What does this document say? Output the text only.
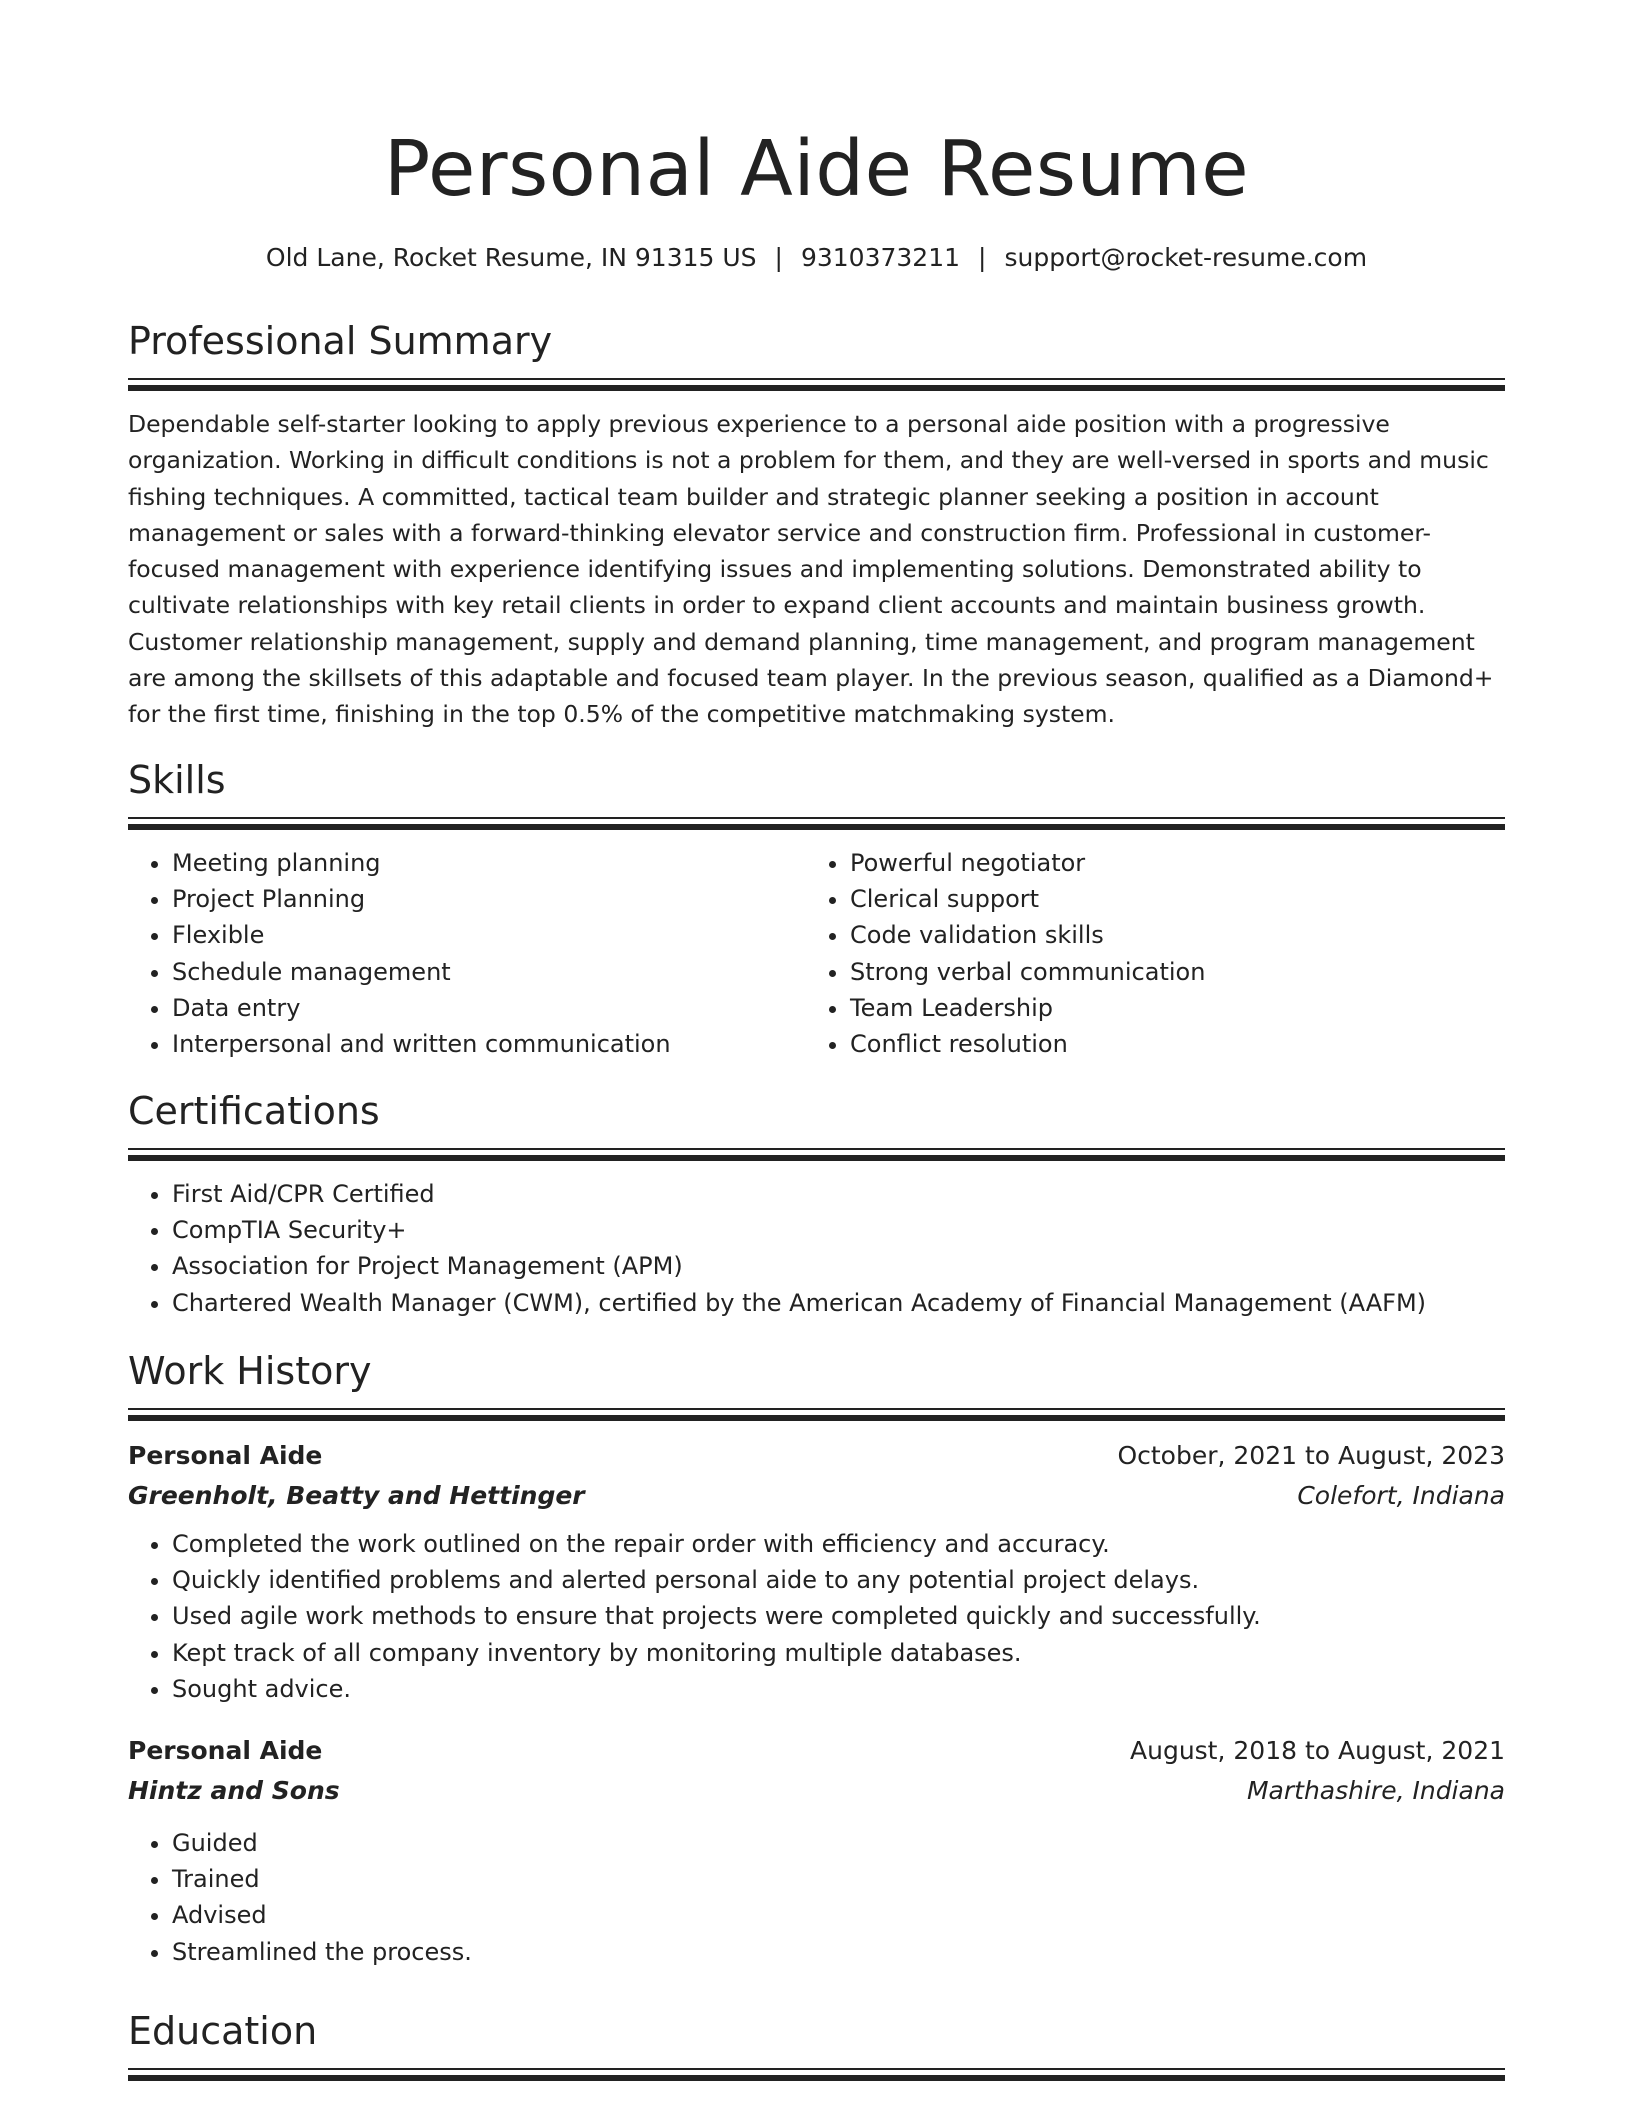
Personal Aide Resume
Old Lane, Rocket Resume, IN 91315 US | 9310373211 | support@rocket-resume.com
Professional Summary

Dependable self-starter looking to apply previous experience to a personal aide position with a progressive organization. Working in difficult conditions is not a problem for them, and they are well-versed in sports and music fishing techniques. A committed, tactical team builder and strategic planner seeking a position in account management or sales with a forward-thinking elevator service and construction firm. Professional in customer-focused management with experience identifying issues and implementing solutions. Demonstrated ability to cultivate relationships with key retail clients in order to expand client accounts and maintain business growth. Customer relationship management, supply and demand planning, time management, and program management are among the skillsets of this adaptable and focused team player. In the previous season, qualified as a Diamond+ for the first time, finishing in the top 0.5% of the competitive matchmaking system.

Skills
• Meeting planning
• Project Planning
• Flexible
• Schedule management
• Data entry
• Interpersonal and written communication
• Powerful negotiator
• Clerical support
• Code validation skills
• Strong verbal communication
• Team Leadership
• Conflict resolution
Certifications
• First Aid/CPR Certified
• CompTIA Security+
• Association for Project Management (APM)
• Chartered Wealth Manager (CWM), certified by the American Academy of Financial Management (AAFM)
Work History
Personal Aide	October, 2021 to August, 2023
Greenholt, Beatty and Hettinger	Colefort, Indiana
• Completed the work outlined on the repair order with efficiency and accuracy.
• Quickly identified problems and alerted personal aide to any potential project delays.
• Used agile work methods to ensure that projects were completed quickly and successfully.
• Kept track of all company inventory by monitoring multiple databases.
• Sought advice.
Personal Aide	August, 2018 to August, 2021
Hintz and Sons	Marthashire, Indiana
• Guided
• Trained
• Advised
• Streamlined the process.
Education
